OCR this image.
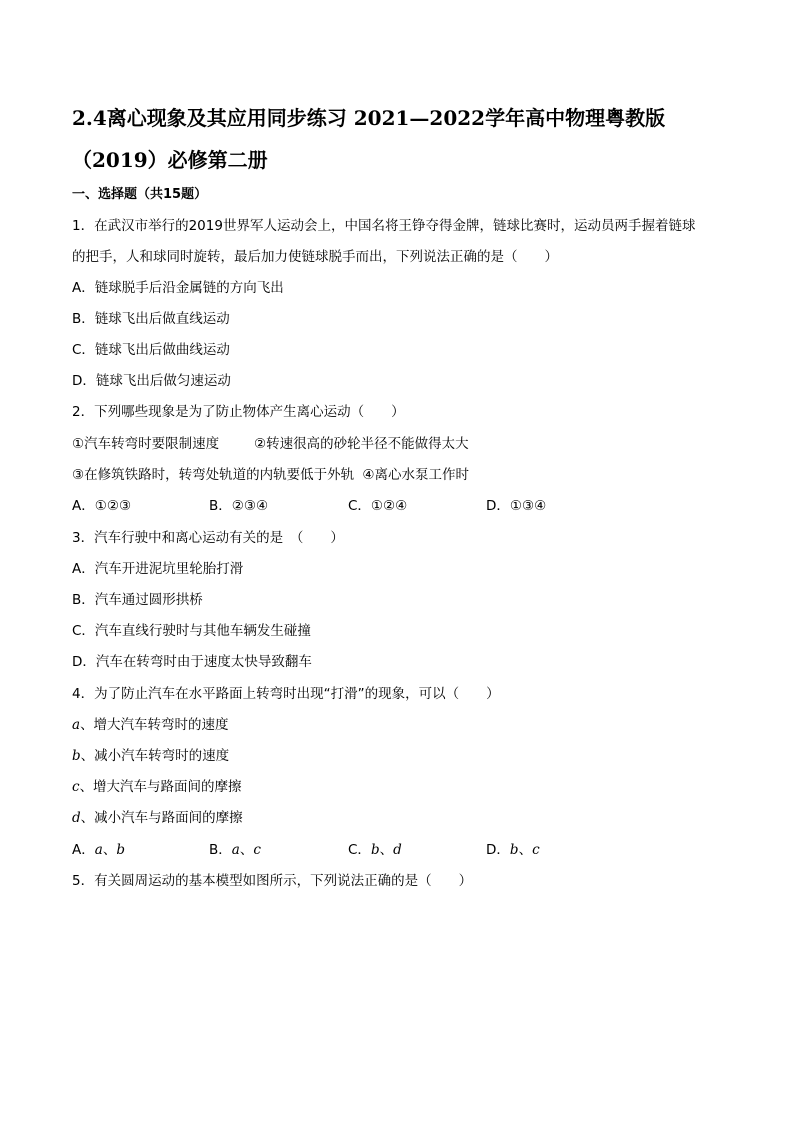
2.4离心现象及其应用同步练习 2021—2022学年高中物理粤教版
（2019）必修第二册
一、选择题（共15题）
1．在武汉市举行的2019世界军人运动会上，中国名将王铮夺得金牌，链球比赛时，运动员两手握着链球
的把手，人和球同时旋转，最后加力使链球脱手而出，下列说法正确的是（　　）
A．链球脱手后沿金属链的方向飞出
B．链球飞出后做直线运动
C．链球飞出后做曲线运动
D．链球飞出后做匀速运动
2．下列哪些现象是为了防止物体产生离心运动（　　）
①汽车转弯时要限制速度	②转速很高的砂轮半径不能做得太大
③在修筑铁路时，转弯处轨道的内轨要低于外轨 ④离心水泵工作时
A．①②③	B．②③④	C．①②④	D．①③④
3．汽车行驶中和离心运动有关的是　（　　）
A．汽车开进泥坑里轮胎打滑
B．汽车通过圆形拱桥
C．汽车直线行驶时与其他车辆发生碰撞
D．汽车在转弯时由于速度太快导致翻车
4．为了防止汽车在水平路面上转弯时出现“打滑”的现象，可以（　　）
a、增大汽车转弯时的速度
b、减小汽车转弯时的速度
c、增大汽车与路面间的摩擦
d、减小汽车与路面间的摩擦
A．a、b	B．a、c	C．b、d	D．b、c
5．有关圆周运动的基本模型如图所示，下列说法正确的是（　　）
